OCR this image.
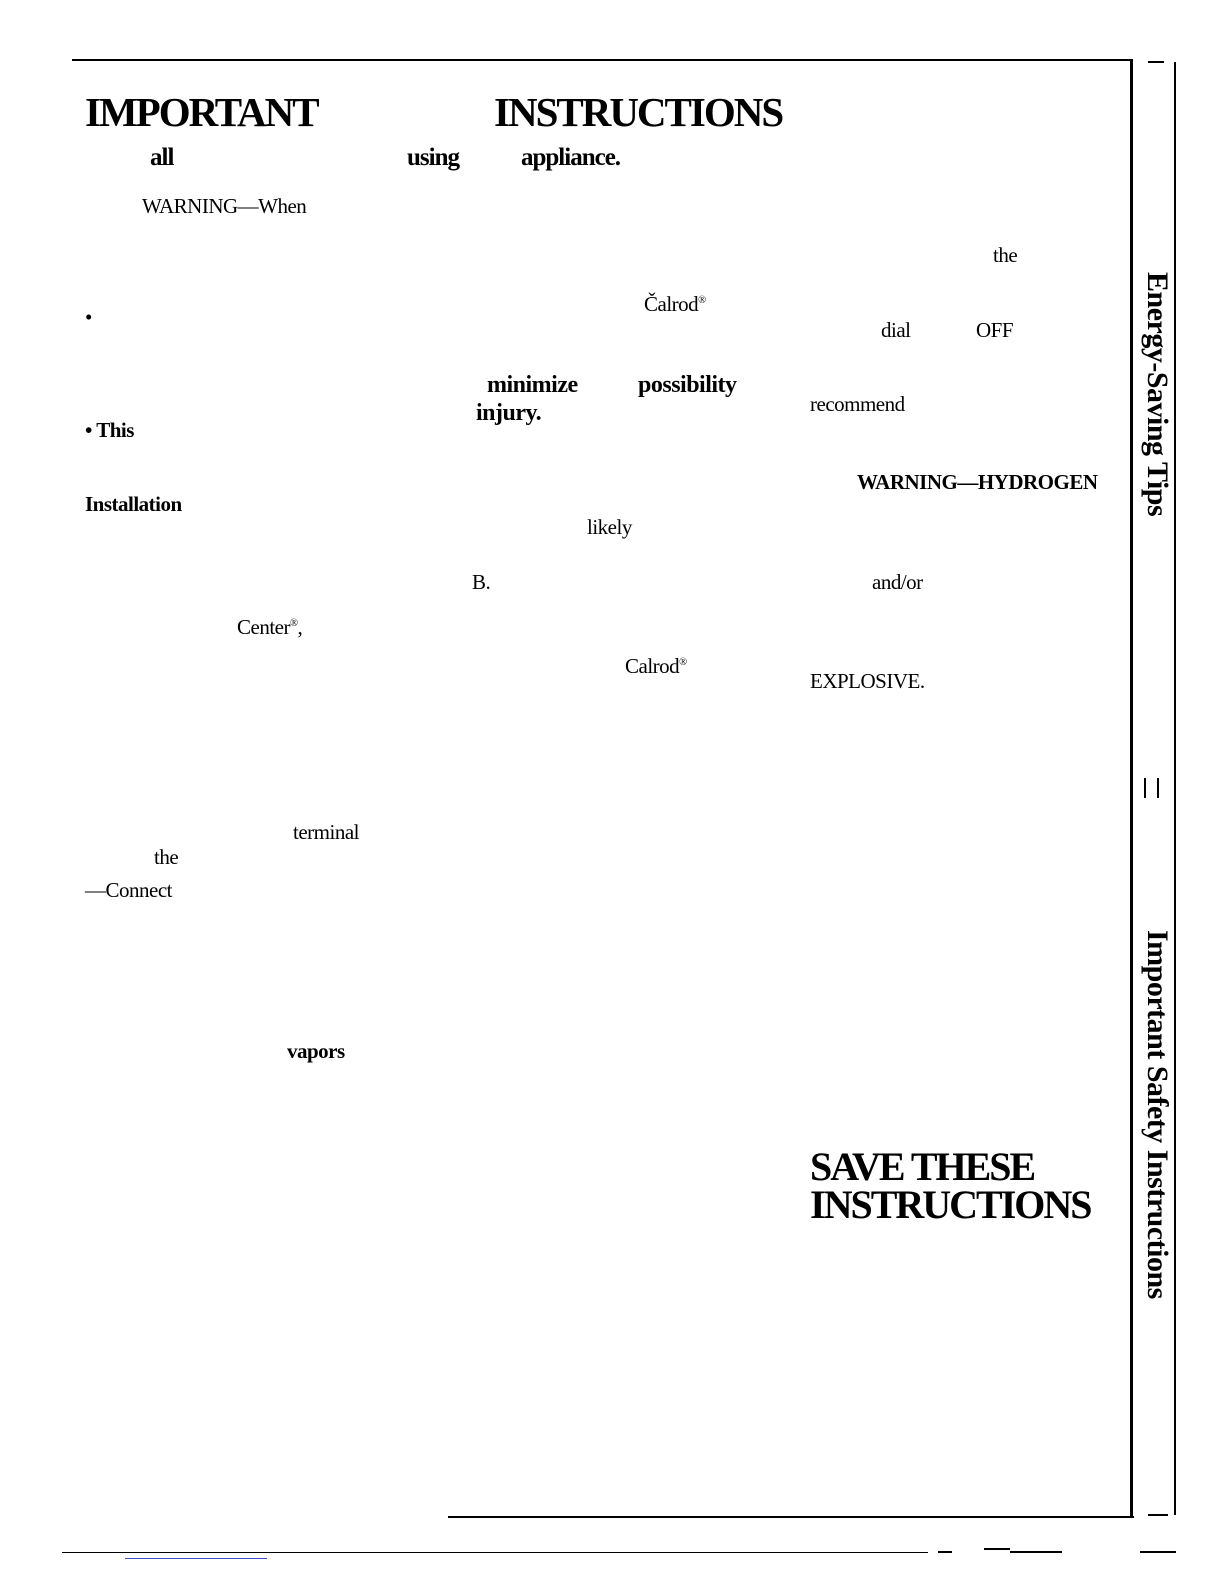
IMPORTANT	INSTRUCTIONS
all	using appliance.
WARNING—When
•
• This
Installation
Center®,
terminal
the
—Connect
vapors
Čalrod®
minimize	possibility
injury.
likely
B.
Calrod®
the
dial	OFF
recommend
WARNING—HYDROGEN
and/or
EXPLOSIVE.
SAVE THESE
INSTRUCTIONS
Energy-Saving Tips
Important Safety Instructions
